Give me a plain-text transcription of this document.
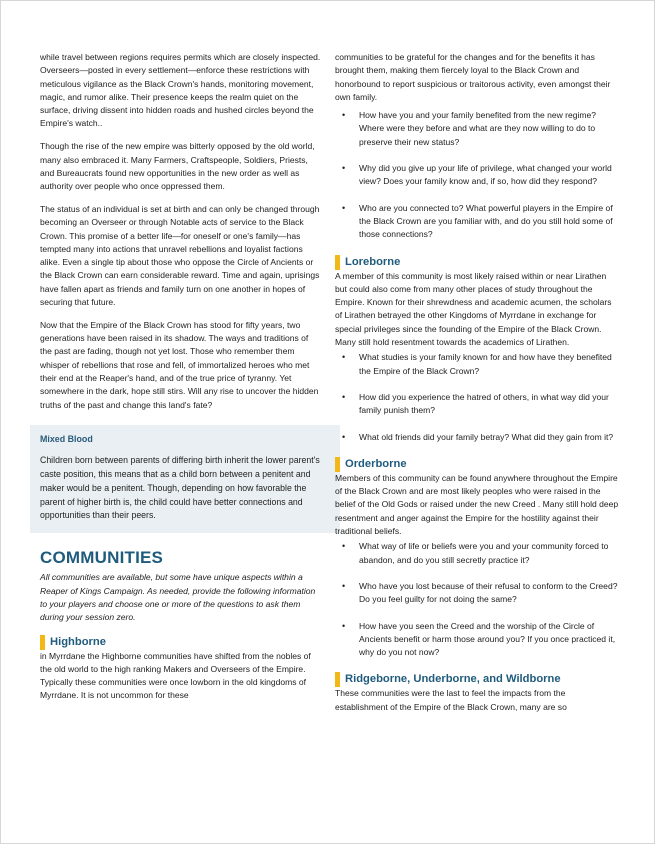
while travel between regions requires permits which are closely inspected. Overseers—posted in every settlement—enforce these restrictions with meticulous vigilance as the Black Crown's hands, monitoring movement, magic, and rumor alike. Their presence keeps the realm quiet on the surface, driving dissent into hidden roads and hushed circles beyond the Empire's watch..

Though the rise of the new empire was bitterly opposed by the old world, many also embraced it. Many Farmers, Craftspeople, Soldiers, Priests, and Bureaucrats found new opportunities in the new order as well as authority over people who once oppressed them.

The status of an individual is set at birth and can only be changed through becoming an Overseer or through Notable acts of service to the Black Crown. This promise of a better life—for oneself or one's family—has tempted many into actions that unravel rebellions and loyalist factions alike. Even a single tip about those who oppose the Circle of Ancients or the Black Crown can earn considerable reward. Time and again, uprisings have fallen apart as friends and family turn on one another in hopes of securing that future.

Now that the Empire of the Black Crown has stood for fifty years, two generations have been raised in its shadow. The ways and traditions of the past are fading, though not yet lost. Those who remember them whisper of rebellions that rose and fell, of immortalized heroes who met their end at the Reaper's hand, and of the true price of tyranny. Yet somewhere in the dark, hope still stirs. Will any rise to uncover the hidden truths of the past and change this land's fate?

Mixed Blood

Children born between parents of differing birth inherit the lower parent's caste position, this means that as a child born between a penitent and maker would be a penitent. Though, depending on how favorable the parent of higher birth is, the child could have better connections and opportunities than their peers.

COMMUNITIES

All communities are available, but some have unique aspects within a Reaper of Kings Campaign. As needed, provide the following information to your players and choose one or more of the questions to ask them during your session zero.

Highborne

in Myrrdane the Highborne communities have shifted from the nobles of the old world to the high ranking Makers and Overseers of the Empire. Typically these communities were once lowborn in the old kingdoms of Myrrdane. It is not uncommon for these

communities to be grateful for the changes and for the benefits it has brought them, making them fiercely loyal to the Black Crown and honorbound to report suspicious or traitorous activity, even amongst their own family.

• How have you and your family benefited from the new regime? Where were they before and what are they now willing to do to preserve their new status?
• Why did you give up your life of privilege, what changed your world view? Does your family know and, if so, how did they respond?
• Who are you connected to? What powerful players in the Empire of the Black Crown are you familiar with, and do you still hold some of those connections?
Loreborne

A member of this community is most likely raised within or near Lirathen but could also come from many other places of study throughout the Empire. Known for their shrewdness and academic acumen, the scholars of Lirathen betrayed the other Kingdoms of Myrrdane in exchange for special privileges since the founding of the Empire of the Black Crown. Many still hold resentment towards the academics of Lirathen.

• What studies is your family known for and how have they benefited the Empire of the Black Crown?
• How did you experience the hatred of others, in what way did your family punish them?
• What old friends did your family betray? What did they gain from it?
Orderborne

Members of this community can be found anywhere throughout the Empire of the Black Crown and are most likely peoples who were raised in the belief of the Old Gods or raised under the new Creed . Many still hold deep resentment and anger against the Empire for the hostility against their traditional beliefs.

• What way of life or beliefs were you and your community forced to abandon, and do you still secretly practice it?
• Who have you lost because of their refusal to conform to the Creed? Do you feel guilty for not doing the same?
• How have you seen the Creed and the worship of the Circle of Ancients benefit or harm those around you? If you once practiced it, why do you not now?
Ridgeborne, Underborne, and Wildborne

These communities were the last to feel the impacts from the establishment of the Empire of the Black Crown, many are so
